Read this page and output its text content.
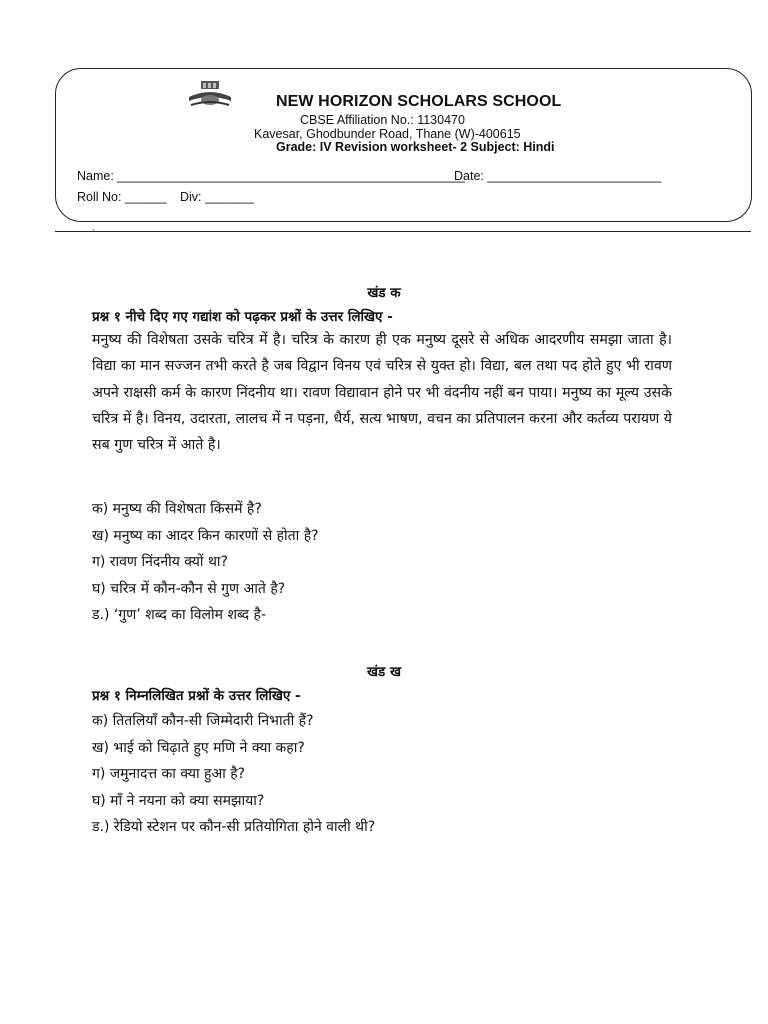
NEW HORIZON SCHOLARS SCHOOL
CBSE Affiliation No.: 1130470
Kavesar, Ghodbunder Road, Thane (W)-400615
Grade: IV Revision worksheet- 2 Subject: Hindi
Name: __________________________________________________
Date: _________________________
Roll No: ______ Div: _______
,
खंड क
प्रश्न १ नीचे दिए गए गद्यांश को पढ़कर प्रश्नों के उत्तर लिखिए -
मनुष्य की विशेषता उसके चरित्र में है। चरित्र के कारण ही एक मनुष्य दूसरे से अधिक आदरणीय समझा जाता है। विद्या का मान सज्जन तभी करते है जब विद्वान विनय एवं चरित्र से युक्त हो। विद्या, बल तथा पद होते हुए भी रावण अपने राक्षसी कर्म के कारण निंदनीय था। रावण विद्यावान होने पर भी वंदनीय नहीं बन पाया। मनुष्य का मूल्य उसके चरित्र में है। विनय, उदारता, लालच में न पड़ना, धैर्य, सत्य भाषण, वचन का प्रतिपालन करना और कर्तव्य परायण ये सब गुण चरित्र में आते है।
क) मनुष्य की विशेषता किसमें है?
ख) मनुष्य का आदर किन कारणों से होता है?
ग) रावण निंदनीय क्यों था?
घ) चरित्र में कौन-कौन से गुण आते है?
ड.) ‘गुण’ शब्द का विलोम शब्द है-
खंड ख
प्रश्न १ निम्नलिखित प्रश्नों के उत्तर लिखिए -
क) तितलियाँ कौन-सी जिम्मेदारी निभाती हैं?
ख) भाई को चिढ़ाते हुए मणि ने क्या कहा?
ग) जमुनादत्त का क्या हुआ है?
घ) माँ ने नयना को क्या समझाया?
ड.) रेडियो स्टेशन पर कौन-सी प्रतियोगिता होने वाली थी?
